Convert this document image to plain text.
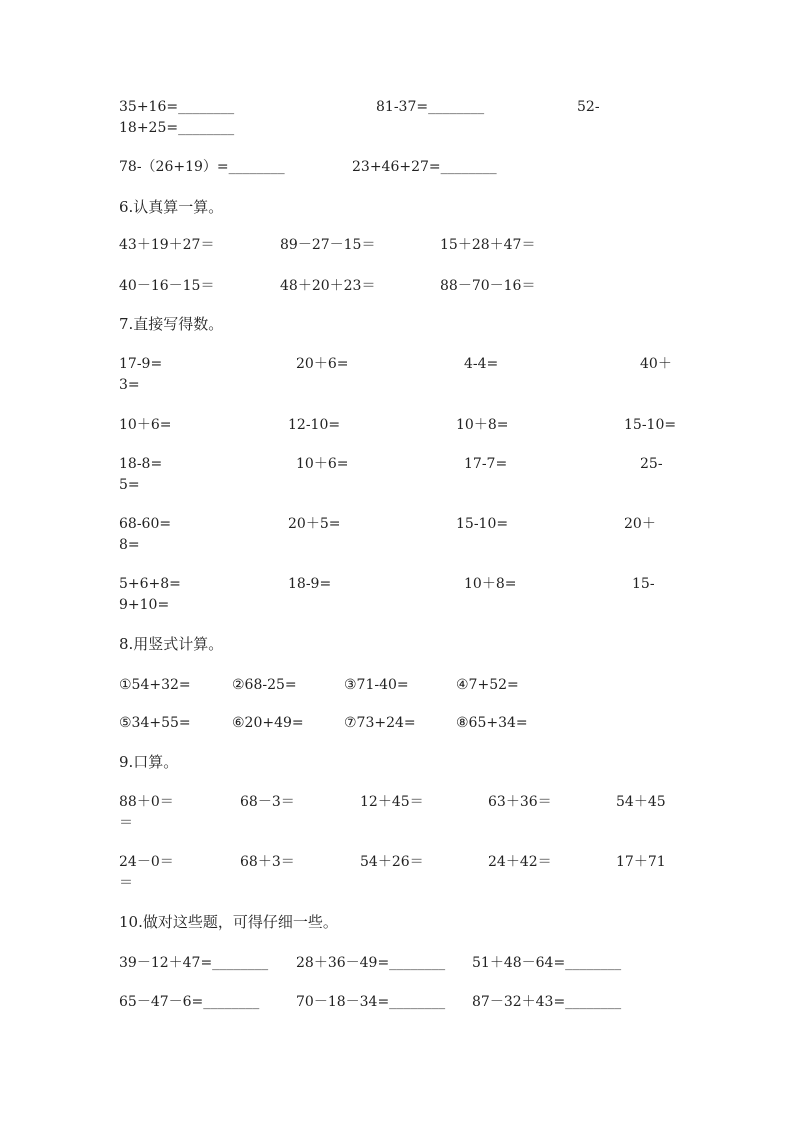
35+16=________	81-37=________	52-
18+25=________
78-（26+19）=________	23+46+27=________
6.认真算一算。
43＋19＋27＝	89－27－15＝	15＋28＋47＝
40－16－15＝	48＋20＋23＝	88－70－16＝
7.直接写得数。
17-9=	20＋6=	4-4=	40＋
3=
10＋6=	12-10=	10＋8=	15-10=
18-8=	10＋6=	17-7=	25-
5=
68-60=	20＋5=	15-10=	20＋
8=
5+6+8=	18-9=	10＋8=	15-
9+10=
8.用竖式计算。
①54+32=	②68-25=	③71-40=	④7+52=
⑤34+55=	⑥20+49=	⑦73+24=	⑧65+34=
9.口算。
88＋0＝	68－3＝	12＋45＝	63＋36＝	54＋45
＝
24－0＝	68＋3＝	54＋26＝	24＋42＝	17＋71
＝
10.做对这些题，可得仔细一些。
39－12＋47=________ 28＋36－49=________ 51＋48－64=________
65－47－6=________	70－18－34=________ 87－32＋43=________
